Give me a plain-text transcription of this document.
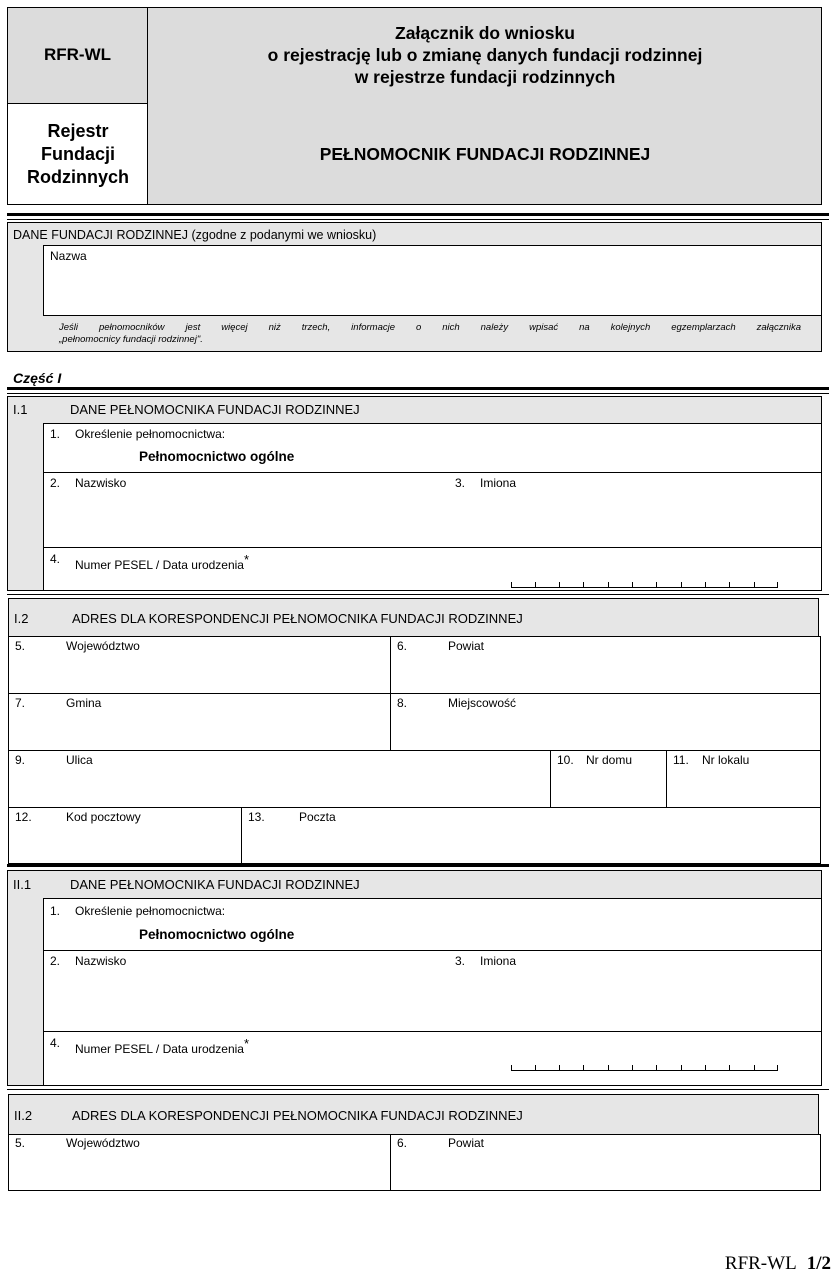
RFR-WL
Rejestr
Fundacji
Rodzinnych
Załącznik do wniosku
o rejestrację lub o zmianę danych fundacji rodzinnej
w rejestrze fundacji rodzinnych
PEŁNOMOCNIK FUNDACJI RODZINNEJ
DANE FUNDACJI RODZINNEJ (zgodne z podanymi we wniosku)
Nazwa
Jeśli pełnomocników jest więcej niż trzech, informacje o nich należy wpisać na kolejnych egzemplarzach załącznika
„pełnomocnicy fundacji rodzinnej".
Część I
I.1	DANE PEŁNOMOCNIKA FUNDACJI RODZINNEJ
1. Określenie pełnomocnictwa:
Pełnomocnictwo ogólne
2. Nazwisko	3. Imiona
4. Numer PESEL / Data urodzenia*
I.2	ADRES DLA KORESPONDENCJI PEŁNOMOCNIKA FUNDACJI RODZINNEJ
5.	Województwo	6.	Powiat
7.	Gmina	8.	Miejscowość
9.	Ulica	10. Nr domu	11. Nr lokalu
12.	Kod pocztowy	13.	Poczta
II.1	DANE PEŁNOMOCNIKA FUNDACJI RODZINNEJ
1. Określenie pełnomocnictwa:
Pełnomocnictwo ogólne
2. Nazwisko	3. Imiona
4. Numer PESEL / Data urodzenia*
II.2	ADRES DLA KORESPONDENCJI PEŁNOMOCNIKA FUNDACJI RODZINNEJ
5.	Województwo	6.	Powiat
RFR-WL 1/2
